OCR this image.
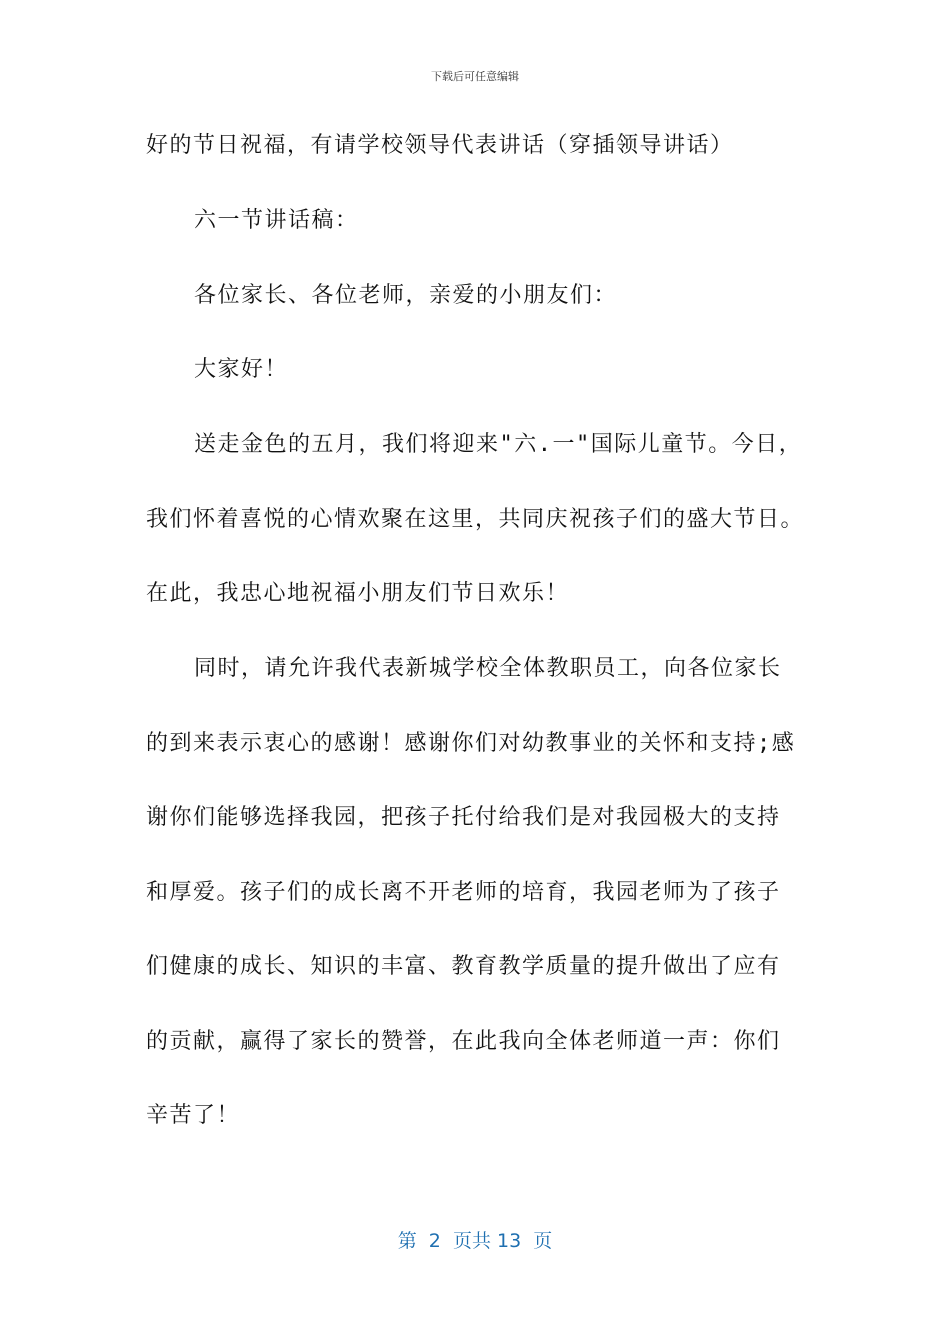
下载后可任意编辑
好的节日祝福，有请学校领导代表讲话（穿插领导讲话）
六一节讲话稿：
各位家长、各位老师，亲爱的小朋友们：
大家好！
送走金色的五月，我们将迎来"六.一"国际儿童节。今日，
我们怀着喜悦的心情欢聚在这里，共同庆祝孩子们的盛大节日。
在此，我忠心地祝福小朋友们节日欢乐！
同时，请允许我代表新城学校全体教职员工，向各位家长
的到来表示衷心的感谢！感谢你们对幼教事业的关怀和支持;感
谢你们能够选择我园，把孩子托付给我们是对我园极大的支持
和厚爱。孩子们的成长离不开老师的培育，我园老师为了孩子
们健康的成长、知识的丰富、教育教学质量的提升做出了应有
的贡献，赢得了家长的赞誉，在此我向全体老师道一声：你们
辛苦了！
第  2  页共 13  页
